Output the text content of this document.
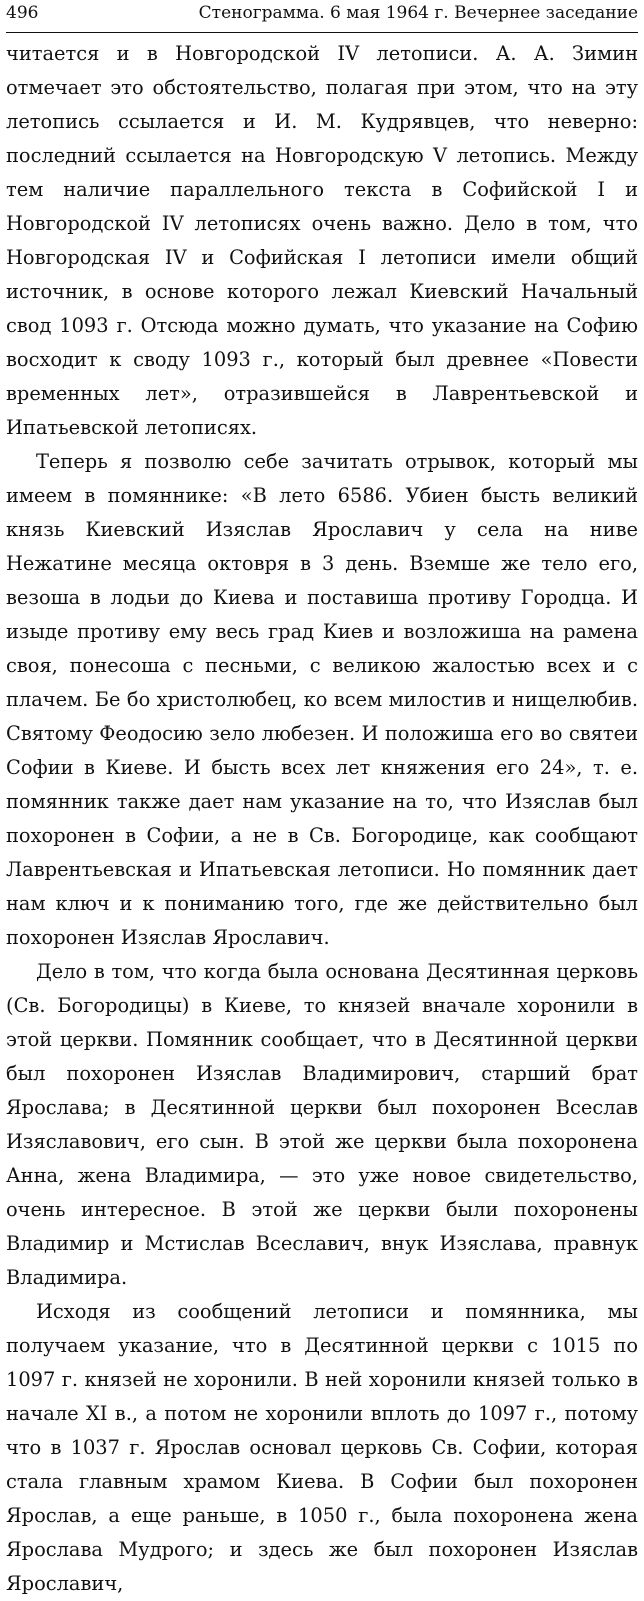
496	Стенограмма. 6 мая 1964 г. Вечернее заседание

читается и в Новгородской IV летописи. А. А. Зимин отмечает это обстоятельство, полагая при этом, что на эту летопись ссылается и И. М. Кудрявцев, что неверно: последний ссылается на Новгородскую V летопись. Между тем наличие параллельного текста в Софийской I и Новгородской IV летописях очень важно. Дело в том, что Новгородская IV и Софийская I летописи имели общий источник, в основе которого лежал Киевский Начальный свод 1093 г. Отсюда можно думать, что указание на Софию восходит к своду 1093 г., который был древнее «Повести временных лет», отразившейся в Лаврентьевской и Ипатьевской летописях.

Теперь я позволю себе зачитать отрывок, который мы имеем в помяннике: «В лето 6586. Убиен бысть великий князь Киевский Изяслав Ярославич у села на ниве Нежатине месяца октовря в 3 день. Вземше же тело его, везоша в лодьи до Киева и поставиша противу Городца. И изыде противу ему весь град Киев и возложиша на рамена своя, понесоша с песньми, с великою жалостью всех и с плачем. Бе бо христолюбец, ко всем милостив и нищелюбив. Святому Феодосию зело любезен. И положиша его во святеи Софии в Киеве. И бысть всех лет княжения его 24», т. е. помянник также дает нам указание на то, что Изяслав был похоронен в Софии, а не в Св. Богородице, как сообщают Лаврентьевская и Ипатьевская летописи. Но помянник дает нам ключ и к пониманию того, где же действительно был похоронен Изяслав Ярославич.

Дело в том, что когда была основана Десятинная церковь (Св. Богородицы) в Киеве, то князей вначале хоронили в этой церкви. Помянник сообщает, что в Десятинной церкви был похоронен Изяслав Владимирович, старший брат Ярослава; в Десятинной церкви был похоронен Всеслав Изяславович, его сын. В этой же церкви была похоронена Анна, жена Владимира, — это уже новое свидетельство, очень интересное. В этой же церкви были похоронены Владимир и Мстислав Всеславич, внук Изяслава, правнук Владимира.

Исходя из сообщений летописи и помянника, мы получаем указание, что в Десятинной церкви с 1015 по 1097 г. князей не хоронили. В ней хоронили князей только в начале XI в., а потом не хоронили вплоть до 1097 г., потому что в 1037 г. Ярослав основал церковь Св. Софии, которая стала главным храмом Киева. В Софии был похоронен Ярослав, а еще раньше, в 1050 г., была похоронена жена Ярослава Мудрого; и здесь же был похоронен Изяслав Ярославич,
